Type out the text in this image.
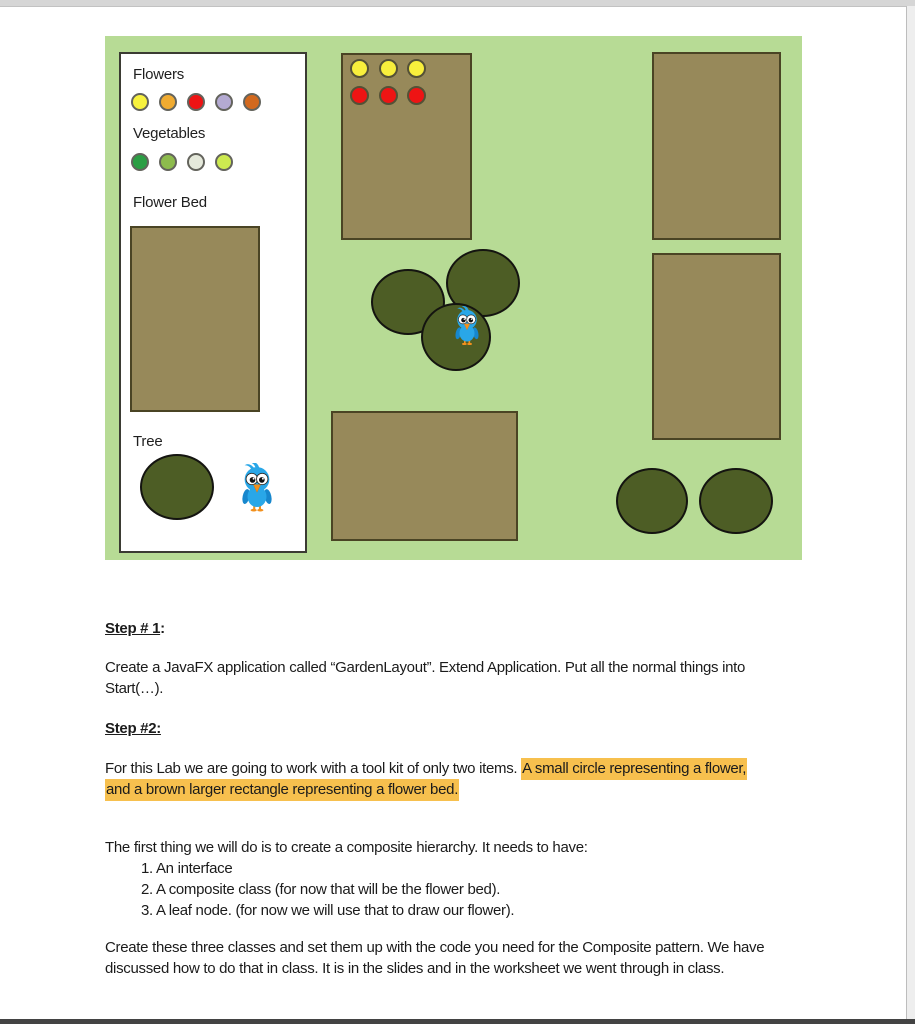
Flowers
Vegetables
Flower Bed
Tree
Step # 1:
Create a JavaFX application called “GardenLayout”. Extend Application. Put all the normal things into
Start(…).
Step #2:
For this Lab we are going to work with a tool kit of only two items. A small circle representing a flower,
and a brown larger rectangle representing a flower bed.
The first thing we will do is to create a composite hierarchy. It needs to have:
1. An interface
2. A composite class (for now that will be the flower bed).
3. A leaf node. (for now we will use that to draw our flower).
Create these three classes and set them up with the code you need for the Composite pattern. We have
discussed how to do that in class. It is in the slides and in the worksheet we went through in class.
